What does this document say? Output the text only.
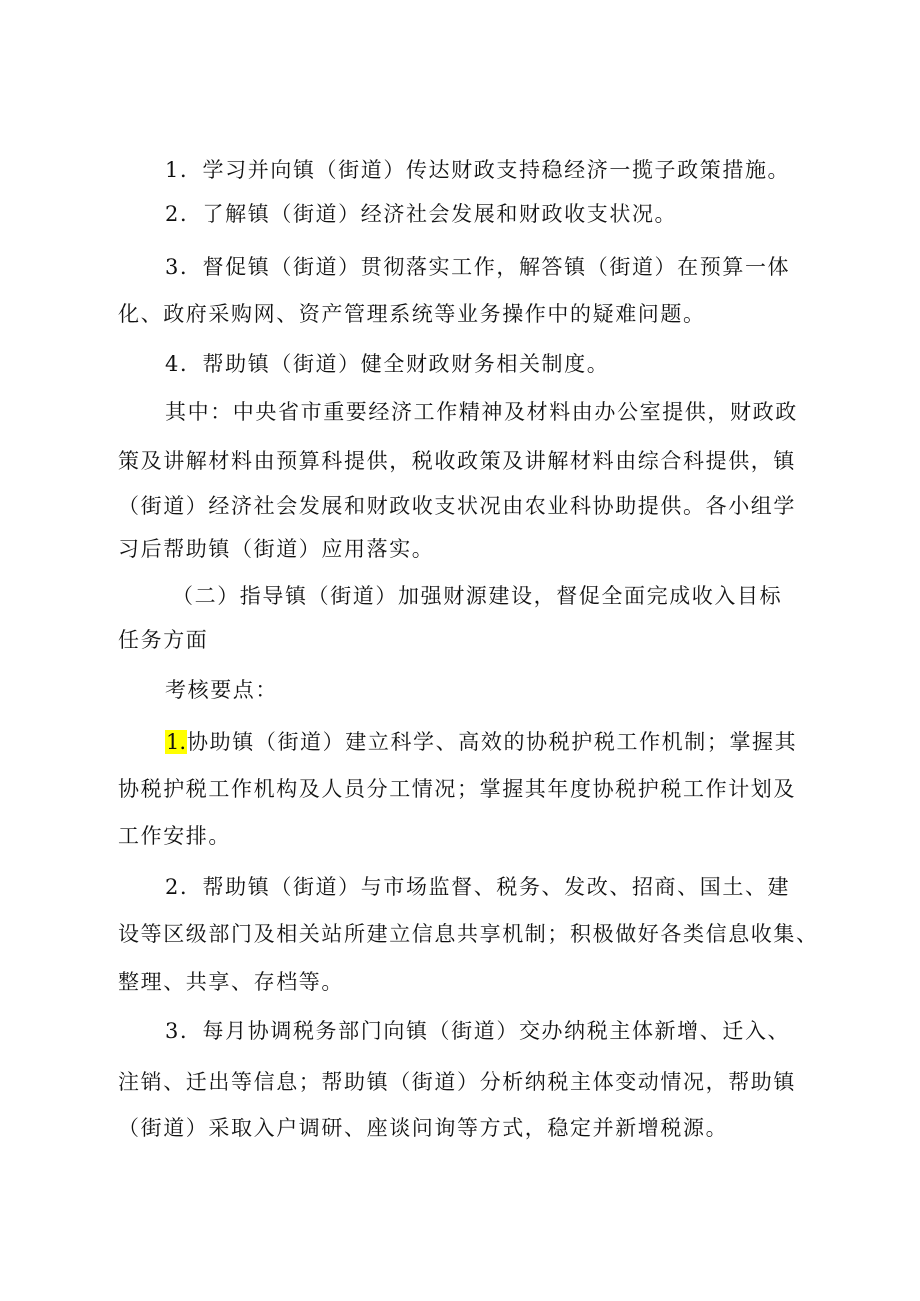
1．学习并向镇（街道）传达财政支持稳经济一揽子政策措施。
2．了解镇（街道）经济社会发展和财政收支状况。
3．督促镇（街道）贯彻落实工作，解答镇（街道）在预算一体
化、政府采购网、资产管理系统等业务操作中的疑难问题。
4．帮助镇（街道）健全财政财务相关制度。
其中：中央省市重要经济工作精神及材料由办公室提供，财政政
策及讲解材料由预算科提供，税收政策及讲解材料由综合科提供，镇
（街道）经济社会发展和财政收支状况由农业科协助提供。各小组学
习后帮助镇（街道）应用落实。
（二）指导镇（街道）加强财源建设，督促全面完成收入目标
任务方面
考核要点：
1.协助镇（街道）建立科学、高效的协税护税工作机制；掌握其
协税护税工作机构及人员分工情况；掌握其年度协税护税工作计划及
工作安排。
2．帮助镇（街道）与市场监督、税务、发改、招商、国土、建
设等区级部门及相关站所建立信息共享机制；积极做好各类信息收集、
整理、共享、存档等。
3．每月协调税务部门向镇（街道）交办纳税主体新增、迁入、
注销、迁出等信息；帮助镇（街道）分析纳税主体变动情况，帮助镇
（街道）采取入户调研、座谈问询等方式，稳定并新增税源。
